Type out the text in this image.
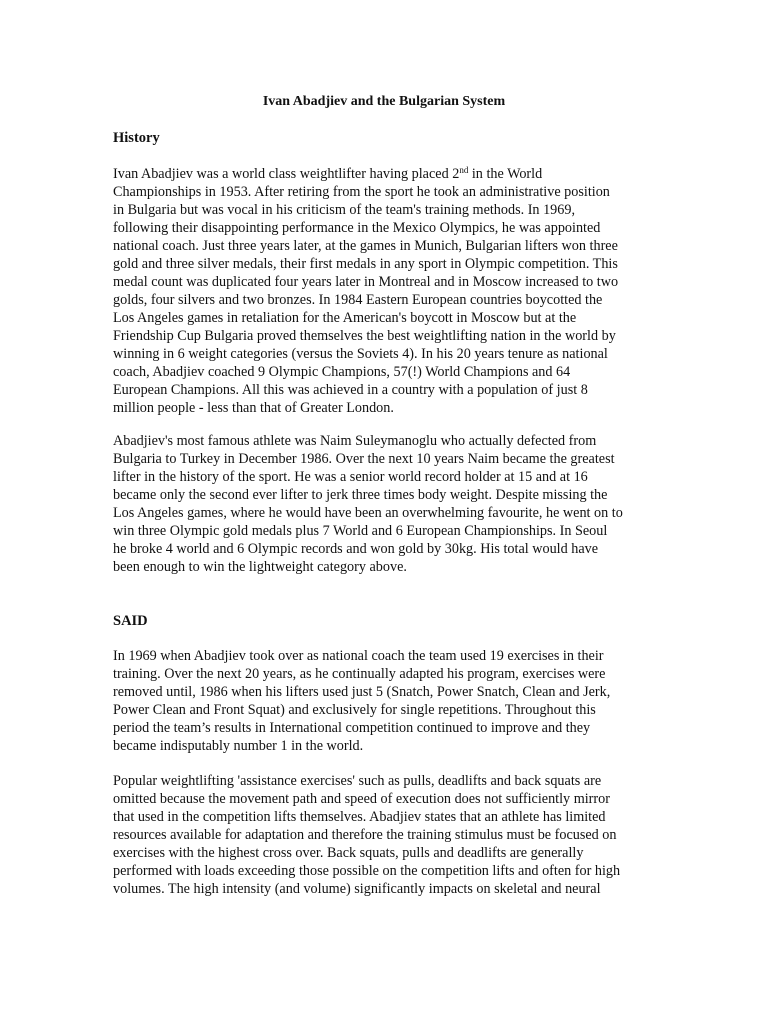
Ivan Abadjiev and the Bulgarian System
History

Ivan Abadjiev was a world class weightlifter having placed 2nd in the World
Championships in 1953. After retiring from the sport he took an administrative position
in Bulgaria but was vocal in his criticism of the team's training methods. In 1969,
following their disappointing performance in the Mexico Olympics, he was appointed
national coach. Just three years later, at the games in Munich, Bulgarian lifters won three
gold and three silver medals, their first medals in any sport in Olympic competition. This
medal count was duplicated four years later in Montreal and in Moscow increased to two
golds, four silvers and two bronzes. In 1984 Eastern European countries boycotted the
Los Angeles games in retaliation for the American's boycott in Moscow but at the
Friendship Cup Bulgaria proved themselves the best weightlifting nation in the world by
winning in 6 weight categories (versus the Soviets 4). In his 20 years tenure as national
coach, Abadjiev coached 9 Olympic Champions, 57(!) World Champions and 64
European Champions. All this was achieved in a country with a population of just 8
million people - less than that of Greater London.

Abadjiev's most famous athlete was Naim Suleymanoglu who actually defected from
Bulgaria to Turkey in December 1986. Over the next 10 years Naim became the greatest
lifter in the history of the sport. He was a senior world record holder at 15 and at 16
became only the second ever lifter to jerk three times body weight. Despite missing the
Los Angeles games, where he would have been an overwhelming favourite, he went on to
win three Olympic gold medals plus 7 World and 6 European Championships. In Seoul
he broke 4 world and 6 Olympic records and won gold by 30kg. His total would have
been enough to win the lightweight category above.

SAID

In 1969 when Abadjiev took over as national coach the team used 19 exercises in their
training. Over the next 20 years, as he continually adapted his program, exercises were
removed until, 1986 when his lifters used just 5 (Snatch, Power Snatch, Clean and Jerk,
Power Clean and Front Squat) and exclusively for single repetitions. Throughout this
period the team’s results in International competition continued to improve and they
became indisputably number 1 in the world.

Popular weightlifting 'assistance exercises' such as pulls, deadlifts and back squats are
omitted because the movement path and speed of execution does not sufficiently mirror
that used in the competition lifts themselves. Abadjiev states that an athlete has limited
resources available for adaptation and therefore the training stimulus must be focused on
exercises with the highest cross over. Back squats, pulls and deadlifts are generally
performed with loads exceeding those possible on the competition lifts and often for high
volumes. The high intensity (and volume) significantly impacts on skeletal and neural
